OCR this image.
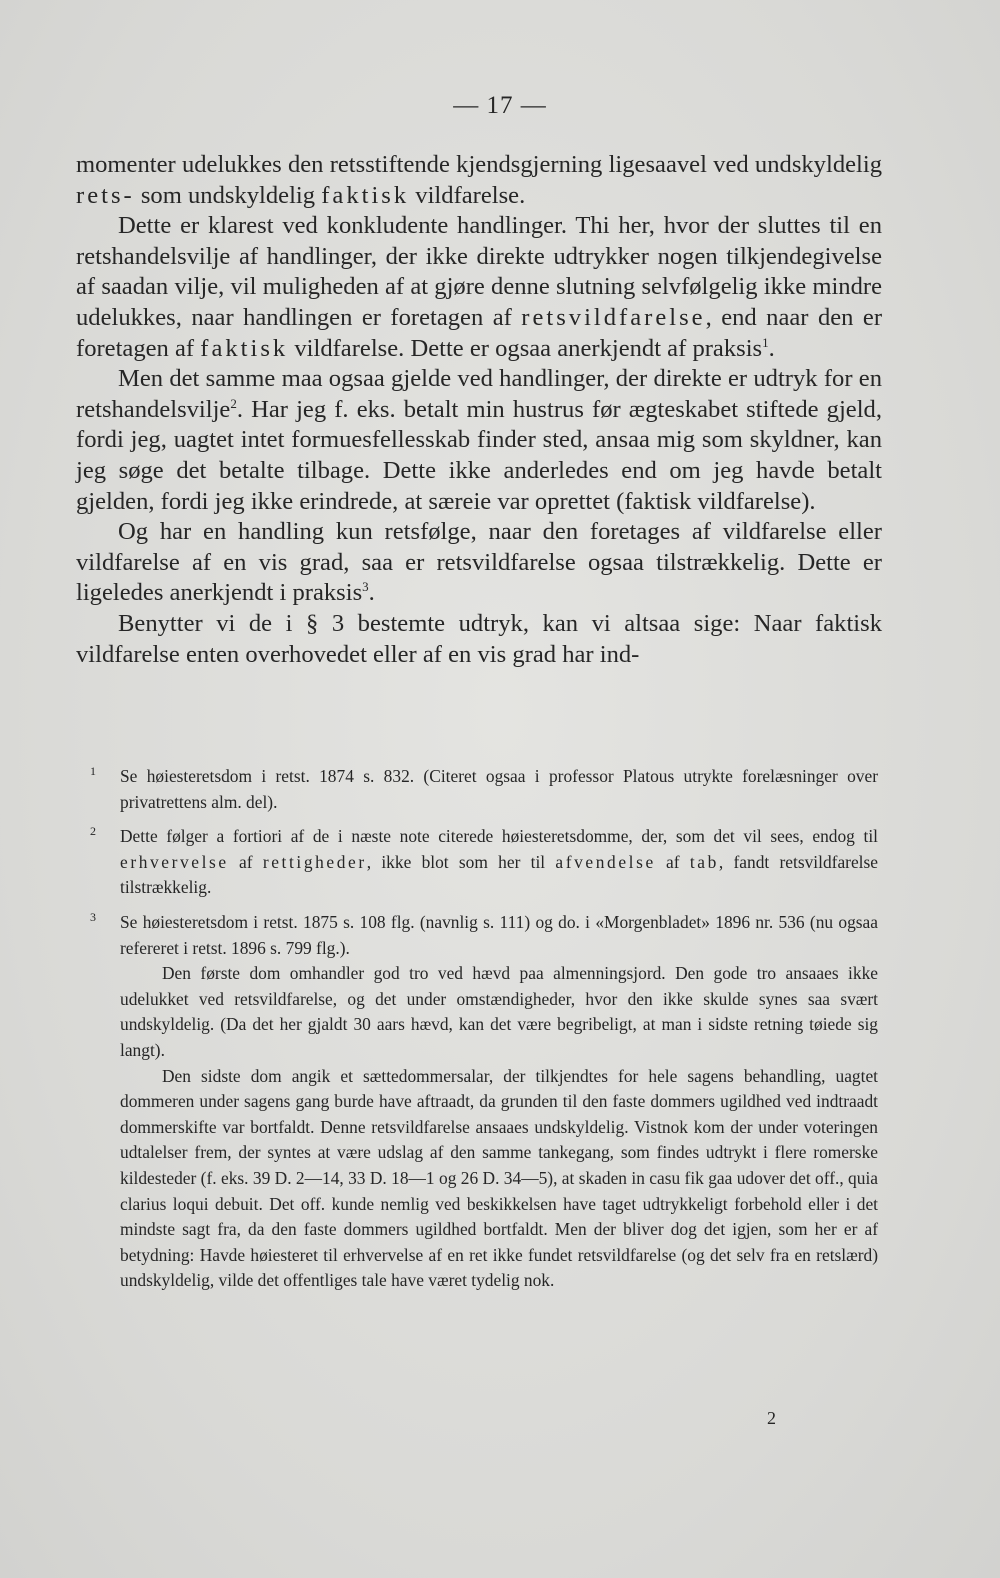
— 17 —

momenter udelukkes den retsstiftende kjendsgjerning ligesaavel ved undskyldelig rets- som undskyldelig faktisk vildfarelse.

Dette er klarest ved konkludente handlinger. Thi her, hvor der sluttes til en retshandelsvilje af handlinger, der ikke direkte udtrykker nogen tilkjendegivelse af saadan vilje, vil muligheden af at gjøre denne slutning selvfølgelig ikke mindre udelukkes, naar handlingen er foretagen af retsvildfarelse, end naar den er foretagen af faktisk vildfarelse. Dette er ogsaa anerkjendt af praksis$^1$.

Men det samme maa ogsaa gjelde ved handlinger, der direkte er udtryk for en retshandelsvilje$^2$. Har jeg f. eks. betalt min hustrus før ægteskabet stiftede gjeld, fordi jeg, uagtet intet formuesfellesskab finder sted, ansaa mig som skyldner, kan jeg søge det betalte tilbage. Dette ikke anderledes end om jeg havde betalt gjelden, fordi jeg ikke erindrede, at særeie var oprettet (faktisk vildfarelse).

Og har en handling kun retsfølge, naar den foretages af vildfarelse eller vildfarelse af en vis grad, saa er retsvildfarelse ogsaa tilstrækkelig. Dette er ligeledes anerkjendt i praksis$^3$.

Benytter vi de i § 3 bestemte udtryk, kan vi altsaa sige: Naar faktisk vildfarelse enten overhovedet eller af en vis grad har ind-

1 Se høiesteretsdom i retst. 1874 s. 832. (Citeret ogsaa i professor Platous utrykte forelæsninger over privatrettens alm. del).

2 Dette følger a fortiori af de i næste note citerede høiesteretsdomme, der, som det vil sees, endog til erhvervelse af rettigheder, ikke blot som her til afvendelse af tab, fandt retsvildfarelse tilstrækkelig.

3 Se høiesteretsdom i retst. 1875 s. 108 flg. (navnlig s. 111) og do. i «Morgenbladet» 1896 nr. 536 (nu ogsaa refereret i retst. 1896 s. 799 flg.).

Den første dom omhandler god tro ved hævd paa almenningsjord. Den gode tro ansaaes ikke udelukket ved retsvildfarelse, og det under omstændigheder, hvor den ikke skulde synes saa svært undskyldelig. (Da det her gjaldt 30 aars hævd, kan det være begribeligt, at man i sidste retning tøiede sig langt).

Den sidste dom angik et sættedommersalar, der tilkjendtes for hele sagens behandling, uagtet dommeren under sagens gang burde have aftraadt, da grunden til den faste dommers ugildhed ved indtraadt dommerskifte var bortfaldt. Denne retsvildfarelse ansaaes undskyldelig. Vistnok kom der under voteringen udtalelser frem, der syntes at være udslag af den samme tankegang, som findes udtrykt i flere romerske kildesteder (f. eks. 39 D. 2—14, 33 D. 18—1 og 26 D. 34—5), at skaden in casu fik gaa udover det off., quia clarius loqui debuit. Det off. kunde nemlig ved beskikkelsen have taget udtrykkeligt forbehold eller i det mindste sagt fra, da den faste dommers ugildhed bortfaldt. Men der bliver dog det igjen, som her er af betydning: Havde høiesteret til erhvervelse af en ret ikke fundet retsvildfarelse (og det selv fra en retslærd) undskyldelig, vilde det offentliges tale have været tydelig nok.

2
